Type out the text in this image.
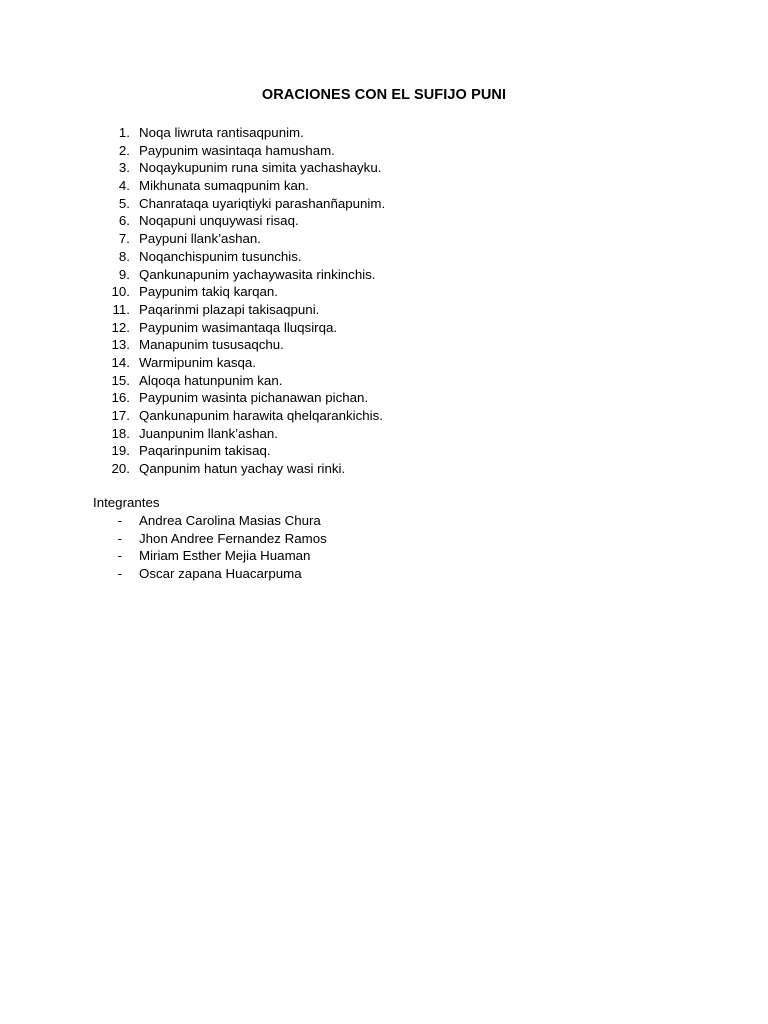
ORACIONES CON EL SUFIJO PUNI
1. Noqa liwruta rantisaqpunim.
2. Paypunim wasintaqa hamusham.
3. Noqaykupunim runa simita yachashayku.
4. Mikhunata sumaqpunim kan.
5. Chanrataqa uyariqtiyki parashanñapunim.
6. Noqapuni unquywasi risaq.
7. Paypuni llank’ashan.
8. Noqanchispunim tusunchis.
9. Qankunapunim yachaywasita rinkinchis.
10. Paypunim takiq karqan.
11. Paqarinmi plazapi takisaqpuni.
12. Paypunim wasimantaqa lluqsirqa.
13. Manapunim tususaqchu.
14. Warmipunim kasqa.
15. Alqoqa hatunpunim kan.
16. Paypunim wasinta pichanawan pichan.
17. Qankunapunim harawita qhelqarankichis.
18. Juanpunim llank’ashan.
19. Paqarinpunim takisaq.
20. Qanpunim hatun yachay wasi rinki.
Integrantes
- Andrea Carolina Masias Chura
- Jhon Andree Fernandez Ramos
- Miriam Esther Mejia Huaman
- Oscar zapana Huacarpuma
